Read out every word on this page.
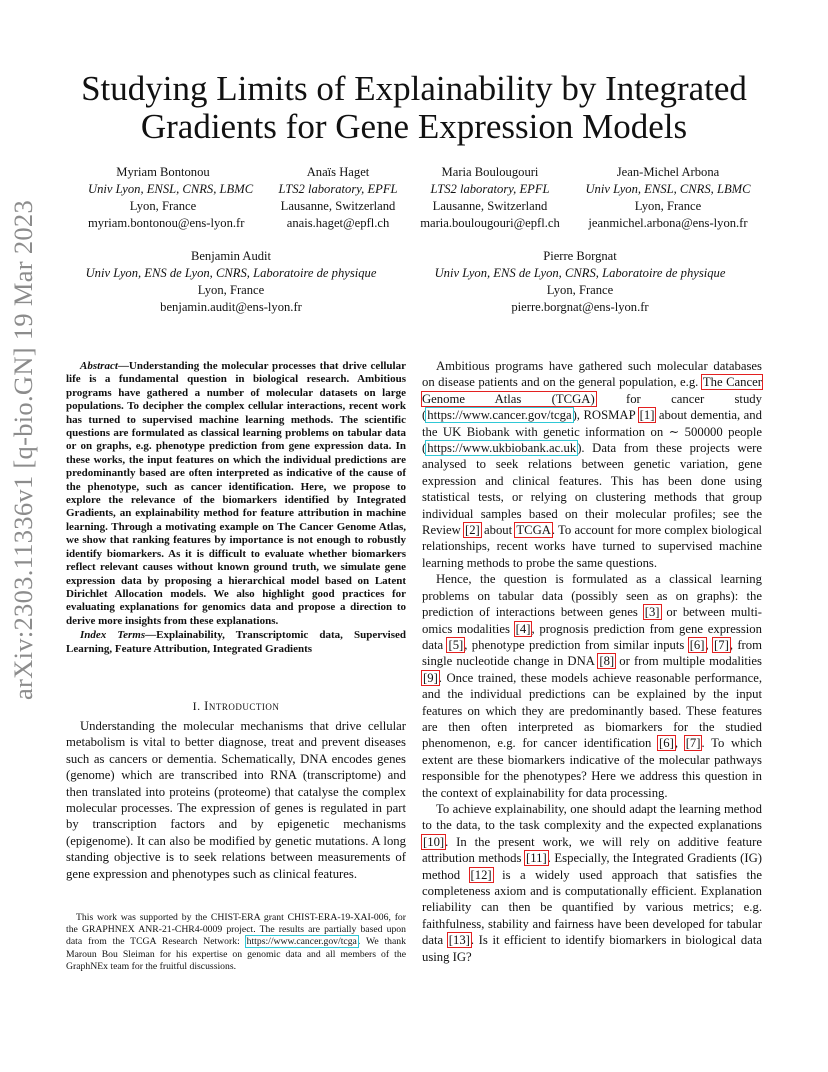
arXiv:2303.11336v1 [q-bio.GN] 19 Mar 2023
Studying Limits of Explainability by Integrated
Gradients for Gene Expression Models
Myriam Bontonou
Univ Lyon, ENSL, CNRS, LBMC
Lyon, France
myriam.bontonou@ens-lyon.fr
Anaïs Haget
LTS2 laboratory, EPFL
Lausanne, Switzerland
anais.haget@epfl.ch
Maria Boulougouri
LTS2 laboratory, EPFL
Lausanne, Switzerland
maria.boulougouri@epfl.ch
Jean-Michel Arbona
Univ Lyon, ENSL, CNRS, LBMC
Lyon, France
jeanmichel.arbona@ens-lyon.fr
Benjamin Audit
Univ Lyon, ENS de Lyon, CNRS, Laboratoire de physique
Lyon, France
benjamin.audit@ens-lyon.fr
Pierre Borgnat
Univ Lyon, ENS de Lyon, CNRS, Laboratoire de physique
Lyon, France
pierre.borgnat@ens-lyon.fr

Abstract—Understanding the molecular processes that drive cellular life is a fundamental question in biological research. Ambitious programs have gathered a number of molecular datasets on large populations. To decipher the complex cellular interactions, recent work has turned to supervised machine learning methods. The scientific questions are formulated as classical learning problems on tabular data or on graphs, e.g. phenotype prediction from gene expression data. In these works, the input features on which the individual predictions are predominantly based are often interpreted as indicative of the cause of the phenotype, such as cancer identification. Here, we propose to explore the relevance of the biomarkers identified by Integrated Gradients, an explainability method for feature attribution in machine learning. Through a motivating example on The Cancer Genome Atlas, we show that ranking features by importance is not enough to robustly identify biomarkers. As it is difficult to evaluate whether biomarkers reflect relevant causes without known ground truth, we simulate gene expression data by proposing a hierarchical model based on Latent Dirichlet Allocation models. We also highlight good practices for evaluating explanations for genomics data and propose a direction to derive more insights from these explanations.

Index Terms—Explainability, Transcriptomic data, Supervised Learning, Feature Attribution, Integrated Gradients

I. Introduction

Understanding the molecular mechanisms that drive cellular metabolism is vital to better diagnose, treat and prevent diseases such as cancers or dementia. Schematically, DNA encodes genes (genome) which are transcribed into RNA (transcriptome) and then translated into proteins (proteome) that catalyse the complex molecular processes. The expression of genes is regulated in part by transcription factors and by epigenetic mechanisms (epigenome). It can also be modified by genetic mutations. A long standing objective is to seek relations between measurements of gene expression and phenotypes such as clinical features.

This work was supported by the CHIST-ERA grant CHIST-ERA-19-XAI-006, for the GRAPHNEX ANR-21-CHR4-0009 project. The results are partially based upon data from the TCGA Research Network: https://www.cancer.gov/tcga. We thank Maroun Bou Sleiman for his expertise on genomic data and all members of the GraphNEx team for the fruitful discussions.

Ambitious programs have gathered such molecular databases on disease patients and on the general population, e.g. The Cancer Genome Atlas (TCGA) for cancer study (https://www.cancer.gov/tcga), ROSMAP [1] about dementia, and the UK Biobank with genetic information on ∼ 500000 people (https://www.ukbiobank.ac.uk). Data from these projects were analysed to seek relations between genetic variation, gene expression and clinical features. This has been done using statistical tests, or relying on clustering methods that group individual samples based on their molecular profiles; see the Review [2] about TCGA. To account for more complex biological relationships, recent works have turned to supervised machine learning methods to probe the same questions.

Hence, the question is formulated as a classical learning problems on tabular data (possibly seen as on graphs): the prediction of interactions between genes [3] or between multi-omics modalities [4], prognosis prediction from gene expression data [5], phenotype prediction from similar inputs [6], [7], from single nucleotide change in DNA [8] or from multiple modalities [9]. Once trained, these models achieve reasonable performance, and the individual predictions can be explained by the input features on which they are predominantly based. These features are then often interpreted as biomarkers for the studied phenomenon, e.g. for cancer identification [6], [7]. To which extent are these biomarkers indicative of the molecular pathways responsible for the phenotypes? Here we address this question in the context of explainability for data processing.

To achieve explainability, one should adapt the learning method to the data, to the task complexity and the expected explanations [10]. In the present work, we will rely on additive feature attribution methods [11]. Especially, the Integrated Gradients (IG) method [12] is a widely used approach that satisfies the completeness axiom and is computationally efficient. Explanation reliability can then be quantified by various metrics; e.g. faithfulness, stability and fairness have been developed for tabular data [13]. Is it efficient to identify biomarkers in biological data using IG?
